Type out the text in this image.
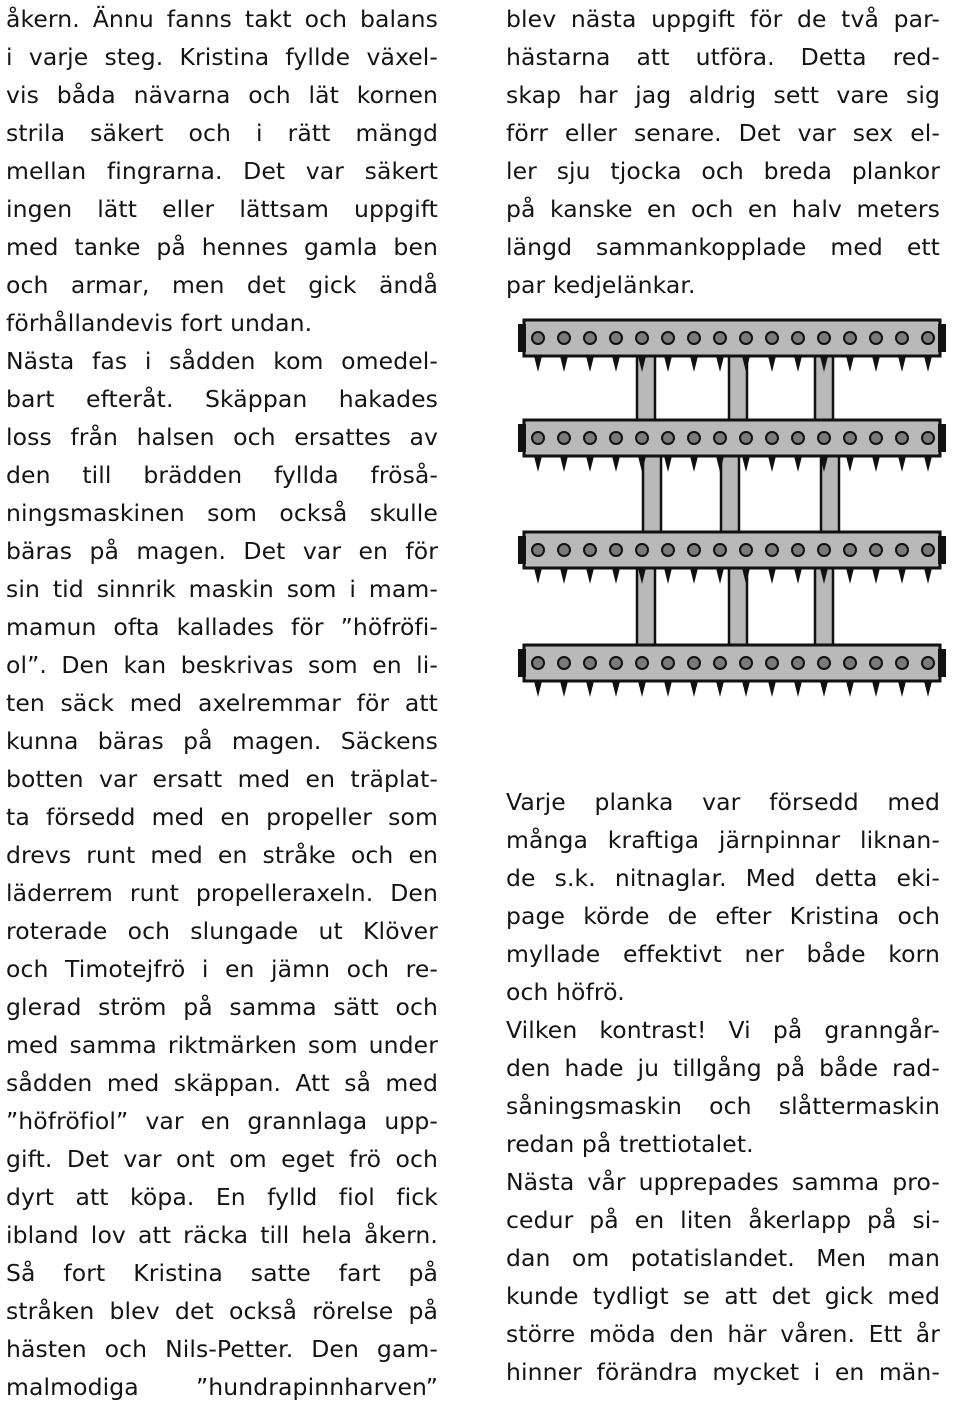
åkern. Ännu fanns takt och balans
i varje steg. Kristina fyllde växel-
vis båda nävarna och lät kornen
strila säkert och i rätt mängd
mellan fingrarna. Det var säkert
ingen lätt eller lättsam uppgift
med tanke på hennes gamla ben
och armar, men det gick ändå
förhållandevis fort undan.
Nästa fas i sådden kom omedel-
bart efteråt. Skäppan hakades
loss från halsen och ersattes av
den till brädden fyllda fröså-
ningsmaskinen som också skulle
bäras på magen. Det var en för
sin tid sinnrik maskin som i mam-
mamun ofta kallades för ”höfröfi-
ol”. Den kan beskrivas som en li-
ten säck med axelremmar för att
kunna bäras på magen. Säckens
botten var ersatt med en träplat-
ta försedd med en propeller som
drevs runt med en stråke och en
läderrem runt propelleraxeln. Den
roterade och slungade ut Klöver
och Timotejfrö i en jämn och re-
glerad ström på samma sätt och
med samma riktmärken som under
sådden med skäppan. Att så med
”höfröfiol” var en grannlaga upp-
gift. Det var ont om eget frö och
dyrt att köpa. En fylld fiol fick
ibland lov att räcka till hela åkern.
Så fort Kristina satte fart på
stråken blev det också rörelse på
hästen och Nils-Petter. Den gam-
malmodiga ”hundrapinnharven”
blev nästa uppgift för de två par-
hästarna att utföra. Detta red-
skap har jag aldrig sett vare sig
förr eller senare. Det var sex el-
ler sju tjocka och breda plankor
på kanske en och en halv meters
längd sammankopplade med ett
par kedjelänkar.
Varje planka var försedd med
många kraftiga järnpinnar liknan-
de s.k. nitnaglar. Med detta eki-
page körde de efter Kristina och
myllade effektivt ner både korn
och höfrö.
Vilken kontrast! Vi på granngår-
den hade ju tillgång på både rad-
såningsmaskin och slåttermaskin
redan på trettiotalet.
Nästa vår upprepades samma pro-
cedur på en liten åkerlapp på si-
dan om potatislandet. Men man
kunde tydligt se att det gick med
större möda den här våren. Ett år
hinner förändra mycket i en män-
